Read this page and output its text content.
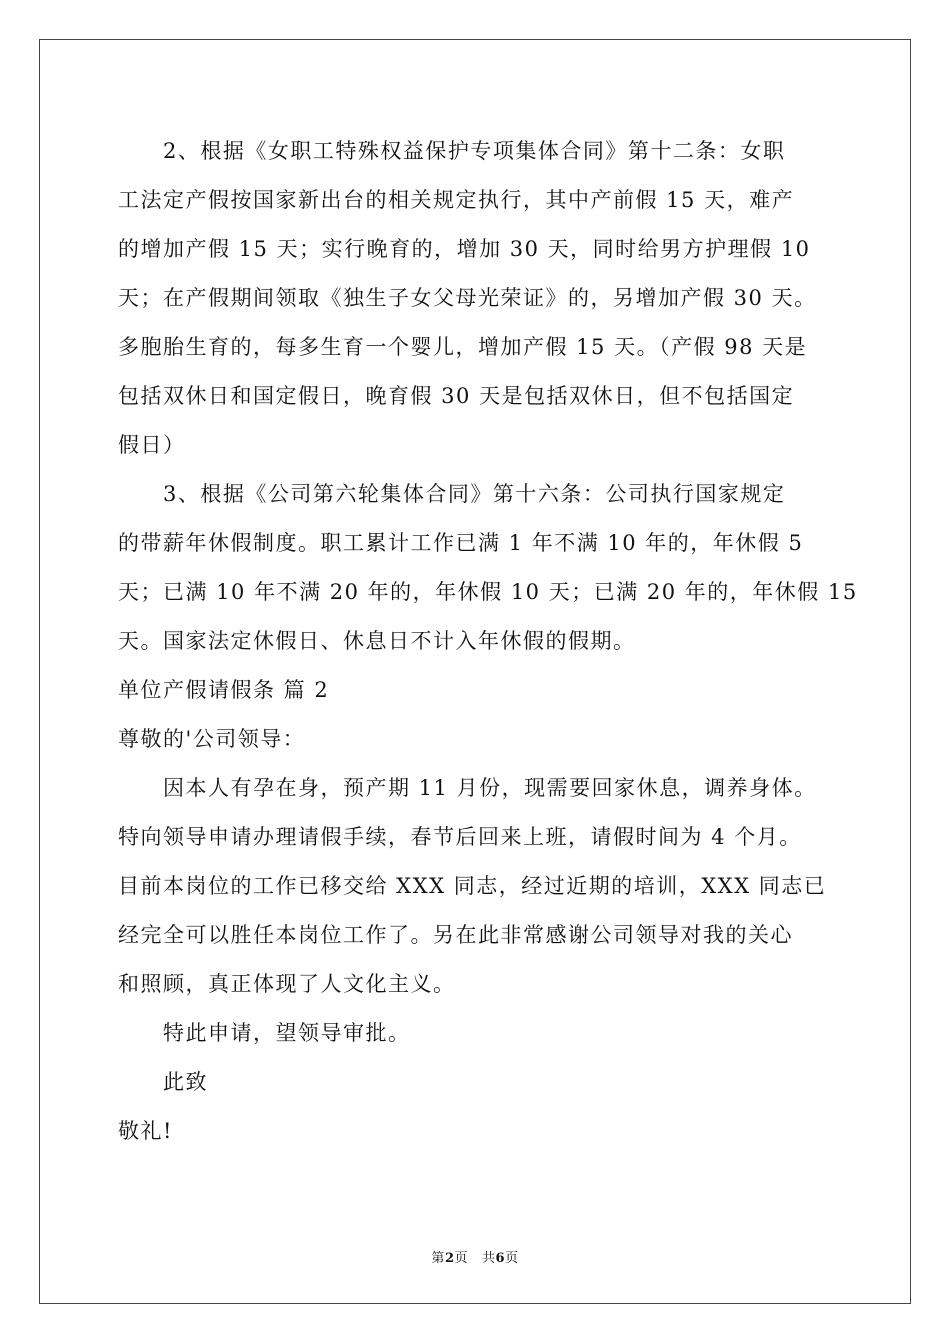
2、根据《女职工特殊权益保护专项集体合同》第十二条：女职
工法定产假按国家新出台的相关规定执行，其中产前假 15 天，难产
的增加产假 15 天；实行晚育的，增加 30 天，同时给男方护理假 10
天；在产假期间领取《独生子女父母光荣证》的，另增加产假 30 天。
多胞胎生育的，每多生育一个婴儿，增加产假 15 天。（产假 98 天是
包括双休日和国定假日，晚育假 30 天是包括双休日，但不包括国定
假日）
3、根据《公司第六轮集体合同》第十六条：公司执行国家规定
的带薪年休假制度。职工累计工作已满 1 年不满 10 年的，年休假 5
天；已满 10 年不满 20 年的，年休假 10 天；已满 20 年的，年休假 15
天。国家法定休假日、休息日不计入年休假的假期。
单位产假请假条 篇 2
尊敬的'公司领导：
因本人有孕在身，预产期 11 月份，现需要回家休息，调养身体。
特向领导申请办理请假手续，春节后回来上班，请假时间为 4 个月。
目前本岗位的工作已移交给 XXX 同志，经过近期的培训，XXX 同志已
经完全可以胜任本岗位工作了。另在此非常感谢公司领导对我的关心
和照顾，真正体现了人文化主义。
特此申请，望领导审批。
此致
敬礼!
第2页 共6页
